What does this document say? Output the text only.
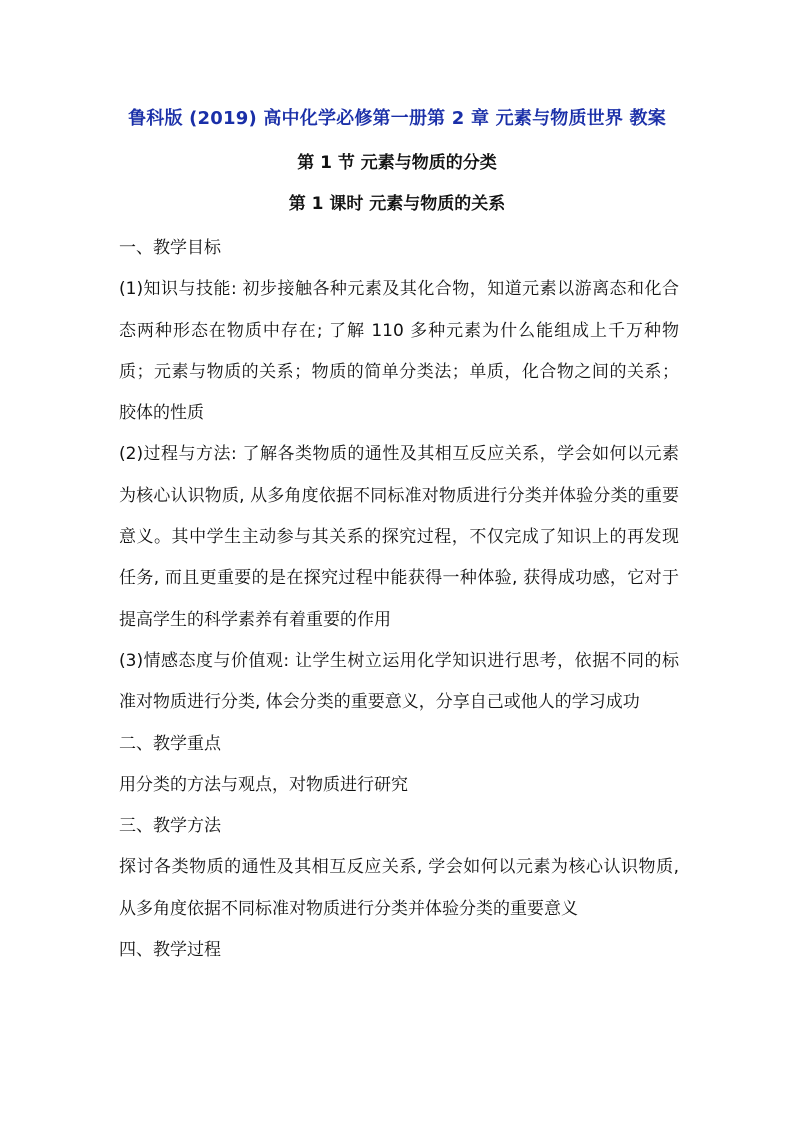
鲁科版 (2019) 高中化学必修第一册第 2 章 元素与物质世界 教案
第 1 节 元素与物质的分类
第 1 课时 元素与物质的关系

一、教学目标

(1)知识与技能: 初步接触各种元素及其化合物，知道元素以游离态和化合态两种形态在物质中存在; 了解 110 多种元素为什么能组成上千万种物质；元素与物质的关系；物质的简单分类法；单质，化合物之间的关系；胶体的性质

(2)过程与方法: 了解各类物质的通性及其相互反应关系，学会如何以元素为核心认识物质, 从多角度依据不同标准对物质进行分类并体验分类的重要意义。其中学生主动参与其关系的探究过程，不仅完成了知识上的再发现任务, 而且更重要的是在探究过程中能获得一种体验, 获得成功感，它对于提高学生的科学素养有着重要的作用

(3)情感态度与价值观: 让学生树立运用化学知识进行思考，依据不同的标准对物质进行分类, 体会分类的重要意义，分享自己或他人的学习成功

二、教学重点

用分类的方法与观点，对物质进行研究

三、教学方法

探讨各类物质的通性及其相互反应关系, 学会如何以元素为核心认识物质, 从多角度依据不同标准对物质进行分类并体验分类的重要意义

四、教学过程
